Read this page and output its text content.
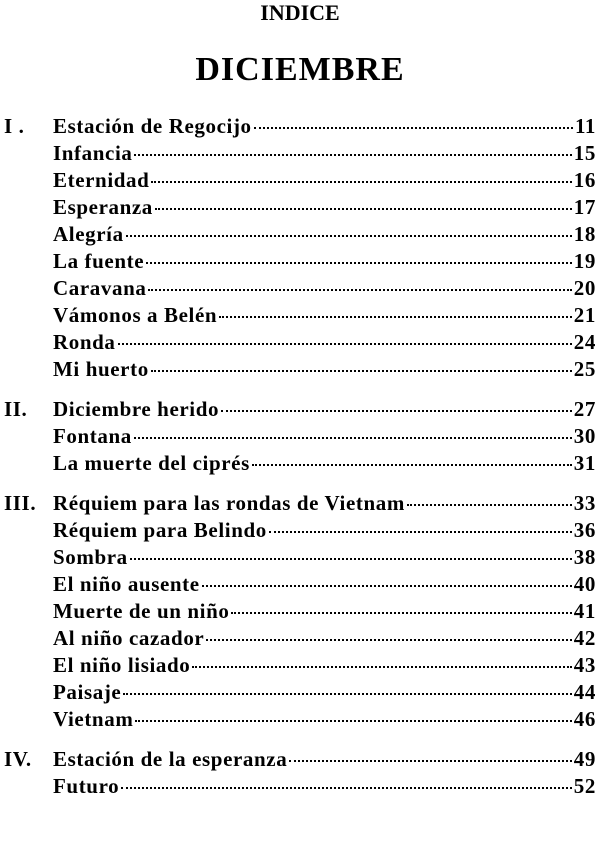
INDICE
DICIEMBRE
I . Estación de Regocijo	11
Infancia	15
Eternidad	16
Esperanza	17
Alegría	18
La fuente	19
Caravana	20
Vámonos a Belén	21
Ronda	24
Mi huerto	25
II. Diciembre herido	27
Fontana	30
La muerte del ciprés	31
III. Réquiem para las rondas de Vietnam	33
Réquiem para Belindo	36
Sombra	38
El niño ausente	40
Muerte de un niño	41
Al niño cazador	42
El niño lisiado	43
Paisaje	44
Vietnam	46
IV. Estación de la esperanza	49
Futuro	52
